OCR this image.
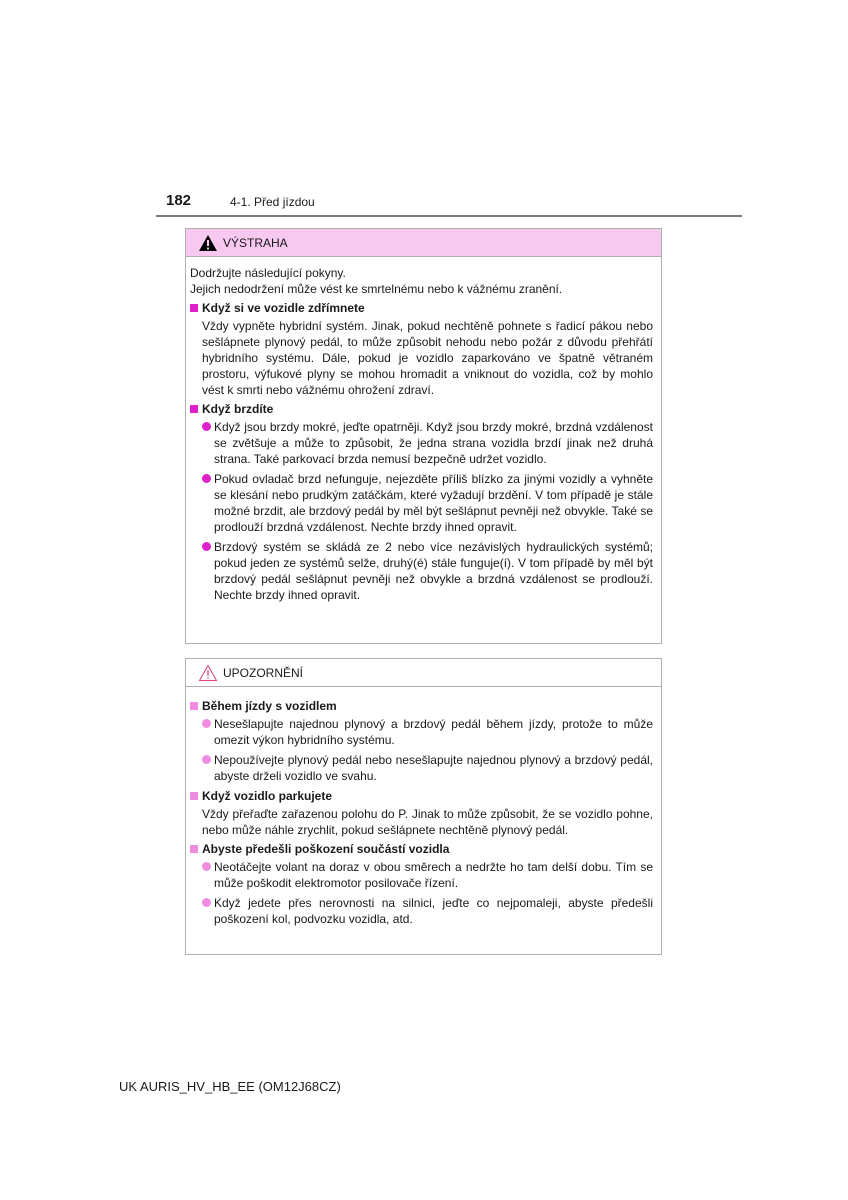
182	4-1. Před jízdou
VÝSTRAHA
Dodržujte následující pokyny.
Jejich nedodržení může vést ke smrtelnému nebo k vážnému zranění.
Když si ve vozidle zdřímnete
Vždy vypněte hybridní systém. Jinak, pokud nechtěně pohnete s řadicí pákou nebo sešlápnete plynový pedál, to může způsobit nehodu nebo požár z důvodu přehřátí hybridního systému. Dále, pokud je vozidlo zaparkováno ve špatně větraném prostoru, výfukové plyny se mohou hromadit a vniknout do vozidla, což by mohlo vést k smrti nebo vážnému ohrožení zdraví.
Když brzdíte
Když jsou brzdy mokré, jeďte opatrněji. Když jsou brzdy mokré, brzdná vzdálenost se zvětšuje a může to způsobit, že jedna strana vozidla brzdí jinak než druhá strana. Také parkovací brzda nemusí bezpečně udržet vozidlo.
Pokud ovladač brzd nefunguje, nejezděte příliš blízko za jinými vozidly a vyhněte se klesání nebo prudkým zatáčkám, které vyžadují brzdění. V tom případě je stále možné brzdit, ale brzdový pedál by měl být sešlápnut pevněji než obvykle. Také se prodlouží brzdná vzdálenost. Nechte brzdy ihned opravit.
Brzdový systém se skládá ze 2 nebo více nezávislých hydraulických systémů; pokud jeden ze systémů selže, druhý(é) stále funguje(í). V tom případě by měl být brzdový pedál sešlápnut pevněji než obvykle a brzdná vzdálenost se prodlouží. Nechte brzdy ihned opravit.
UPOZORNĚNÍ
Během jízdy s vozidlem
Nesešlapujte najednou plynový a brzdový pedál během jízdy, protože to může omezit výkon hybridního systému.
Nepoužívejte plynový pedál nebo nesešlapujte najednou plynový a brzdový pedál, abyste drželi vozidlo ve svahu.
Když vozidlo parkujete
Vždy přeřaďte zařazenou polohu do P. Jinak to může způsobit, že se vozidlo pohne, nebo může náhle zrychlit, pokud sešlápnete nechtěně plynový pedál.
Abyste předešli poškození součástí vozidla
Neotáčejte volant na doraz v obou směrech a nedržte ho tam delší dobu. Tím se může poškodit elektromotor posilovače řízení.
Když jedete přes nerovnosti na silnici, jeďte co nejpomaleji, abyste předešli poškození kol, podvozku vozidla, atd.
UK AURIS_HV_HB_EE (OM12J68CZ)
